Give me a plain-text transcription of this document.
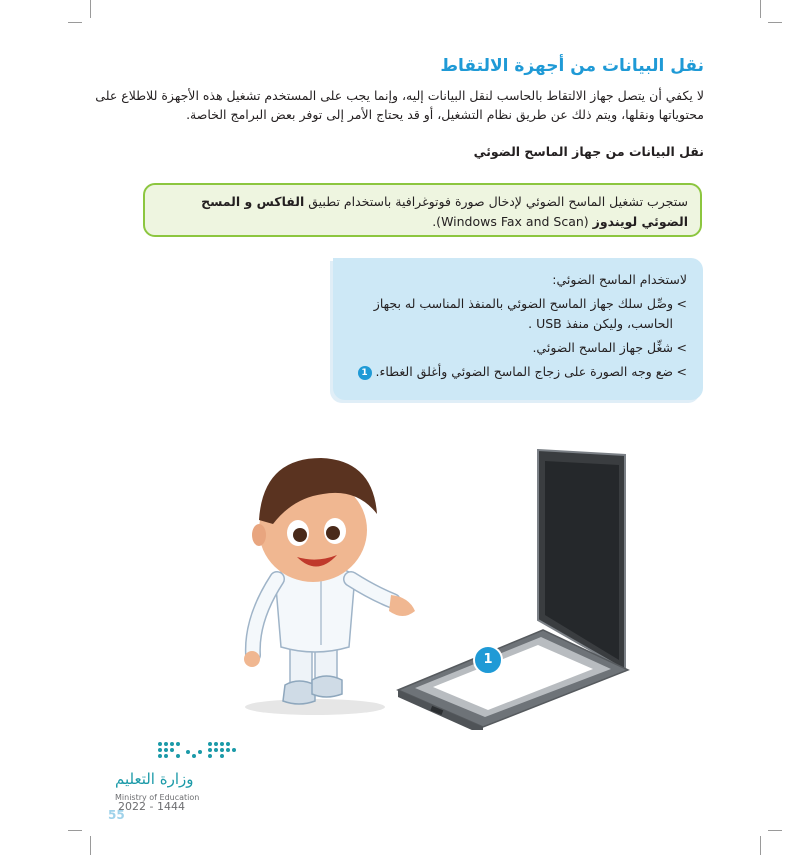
نقل البيانات من أجهزة الالتقاط

لا يكفي أن يتصل جهاز الالتقاط بالحاسب لنقل البيانات إليه، وإنما يجب على المستخدم تشغيل هذه الأجهزة للاطلاع على محتوياتها ونقلها، ويتم ذلك عن طريق نظام التشغيل، أو قد يحتاج الأمر إلى توفر بعض البرامج الخاصة.

نقل البيانات من جهاز الماسح الضوئي
ستجرب تشغيل الماسح الضوئي لإدخال صورة فوتوغرافية باستخدام تطبيق الفاكس و المسح الضوئي لويندوز (Windows Fax and Scan).

لاستخدام الماسح الضوئي:

>
وصِّل سلك جهاز الماسح الضوئي بالمنفذ المناسب له بجهاز الحاسب، وليكن منفذ USB .
>
شغِّل جهاز الماسح الضوئي.
>
ضع وجه الصورة على زجاج الماسح الضوئي وأغلق الغطاء. 1
1
وزارة التعليم
Ministry of Education
2022 - 1444
55
